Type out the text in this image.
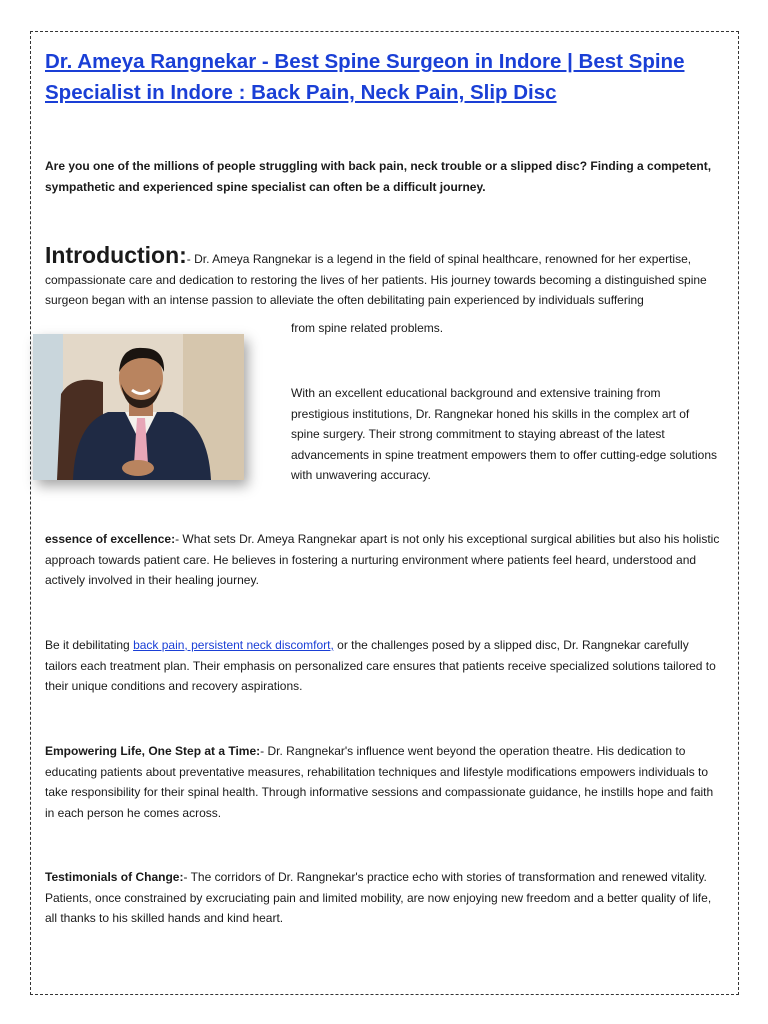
Dr. Ameya Rangnekar - Best Spine Surgeon in Indore | Best Spine Specialist in Indore : Back Pain, Neck Pain, Slip Disc

Are you one of the millions of people struggling with back pain, neck trouble or a slipped disc? Finding a competent, sympathetic and experienced spine specialist can often be a difficult journey.

Introduction:- Dr. Ameya Rangnekar is a legend in the field of spinal healthcare, renowned for her expertise, compassionate care and dedication to restoring the lives of her patients. His journey towards becoming a distinguished spine surgeon began with an intense passion to alleviate the often debilitating pain experienced by individuals suffering

from spine related problems.

With an excellent educational background and extensive training from prestigious institutions, Dr. Rangnekar honed his skills in the complex art of spine surgery. Their strong commitment to staying abreast of the latest advancements in spine treatment empowers them to offer cutting-edge solutions with unwavering accuracy.

essence of excellence:- What sets Dr. Ameya Rangnekar apart is not only his exceptional surgical abilities but also his holistic approach towards patient care. He believes in fostering a nurturing environment where patients feel heard, understood and actively involved in their healing journey.

Be it debilitating back pain, persistent neck discomfort, or the challenges posed by a slipped disc, Dr. Rangnekar carefully tailors each treatment plan. Their emphasis on personalized care ensures that patients receive specialized solutions tailored to their unique conditions and recovery aspirations.

Empowering Life, One Step at a Time:- Dr. Rangnekar's influence went beyond the operation theatre. His dedication to educating patients about preventative measures, rehabilitation techniques and lifestyle modifications empowers individuals to take responsibility for their spinal health. Through informative sessions and compassionate guidance, he instills hope and faith in each person he comes across.

Testimonials of Change:- The corridors of Dr. Rangnekar's practice echo with stories of transformation and renewed vitality. Patients, once constrained by excruciating pain and limited mobility, are now enjoying new freedom and a better quality of life, all thanks to his skilled hands and kind heart.
